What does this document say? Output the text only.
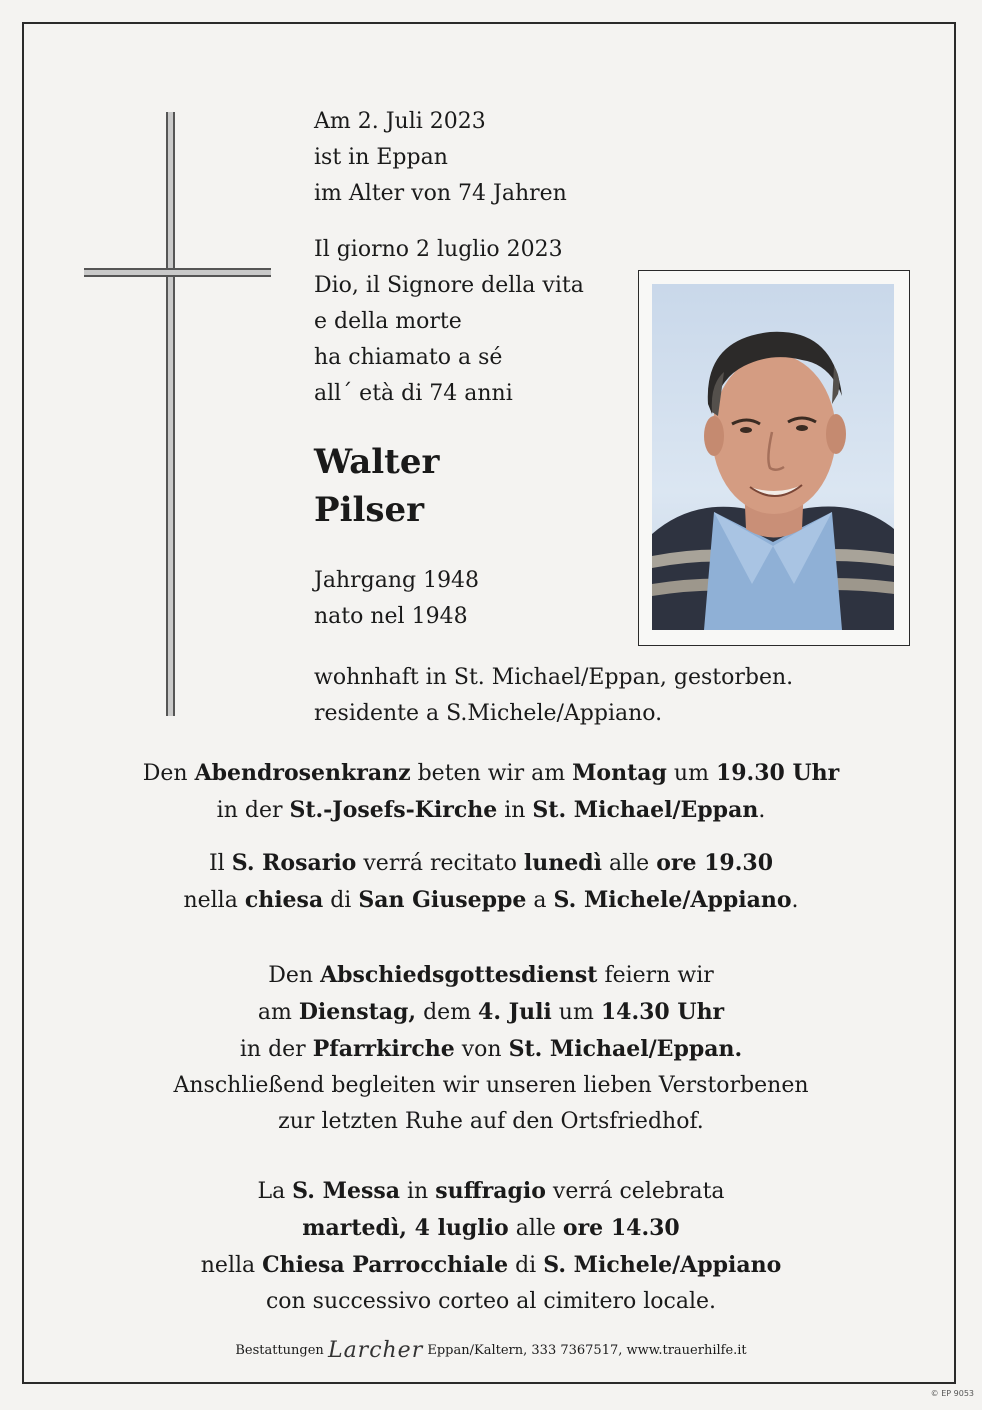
Am 2. Juli 2023

ist in Eppan

im Alter von 74 Jahren

Il giorno 2 luglio 2023

Dio, il Signore della vita

e della morte

ha chiamato a sé

all´ età di 74 anni

Walter
Pilser

Jahrgang 1948

nato nel 1948

wohnhaft in St. Michael/Eppan, gestorben.

residente a S.Michele/Appiano.

Den Abendrosenkranz beten wir am Montag um 19.30 Uhr

in der St.-Josefs-Kirche in St. Michael/Eppan.

Il S. Rosario verrá recitato lunedì alle ore 19.30

nella chiesa di San Giuseppe a S. Michele/Appiano.

Den Abschiedsgottesdienst feiern wir

am Dienstag, dem 4. Juli um 14.30 Uhr

in der Pfarrkirche von St. Michael/Eppan.

Anschließend begleiten wir unseren lieben Verstorbenen

zur letzten Ruhe auf den Ortsfriedhof.

La S. Messa in suffragio verrá celebrata

martedì, 4 luglio alle ore 14.30

nella Chiesa Parrocchiale di S. Michele/Appiano

con successivo corteo al cimitero locale.

Bestattungen Larcher Eppan/Kaltern, 333 7367517, www.trauerhilfe.it
© EP 9053
